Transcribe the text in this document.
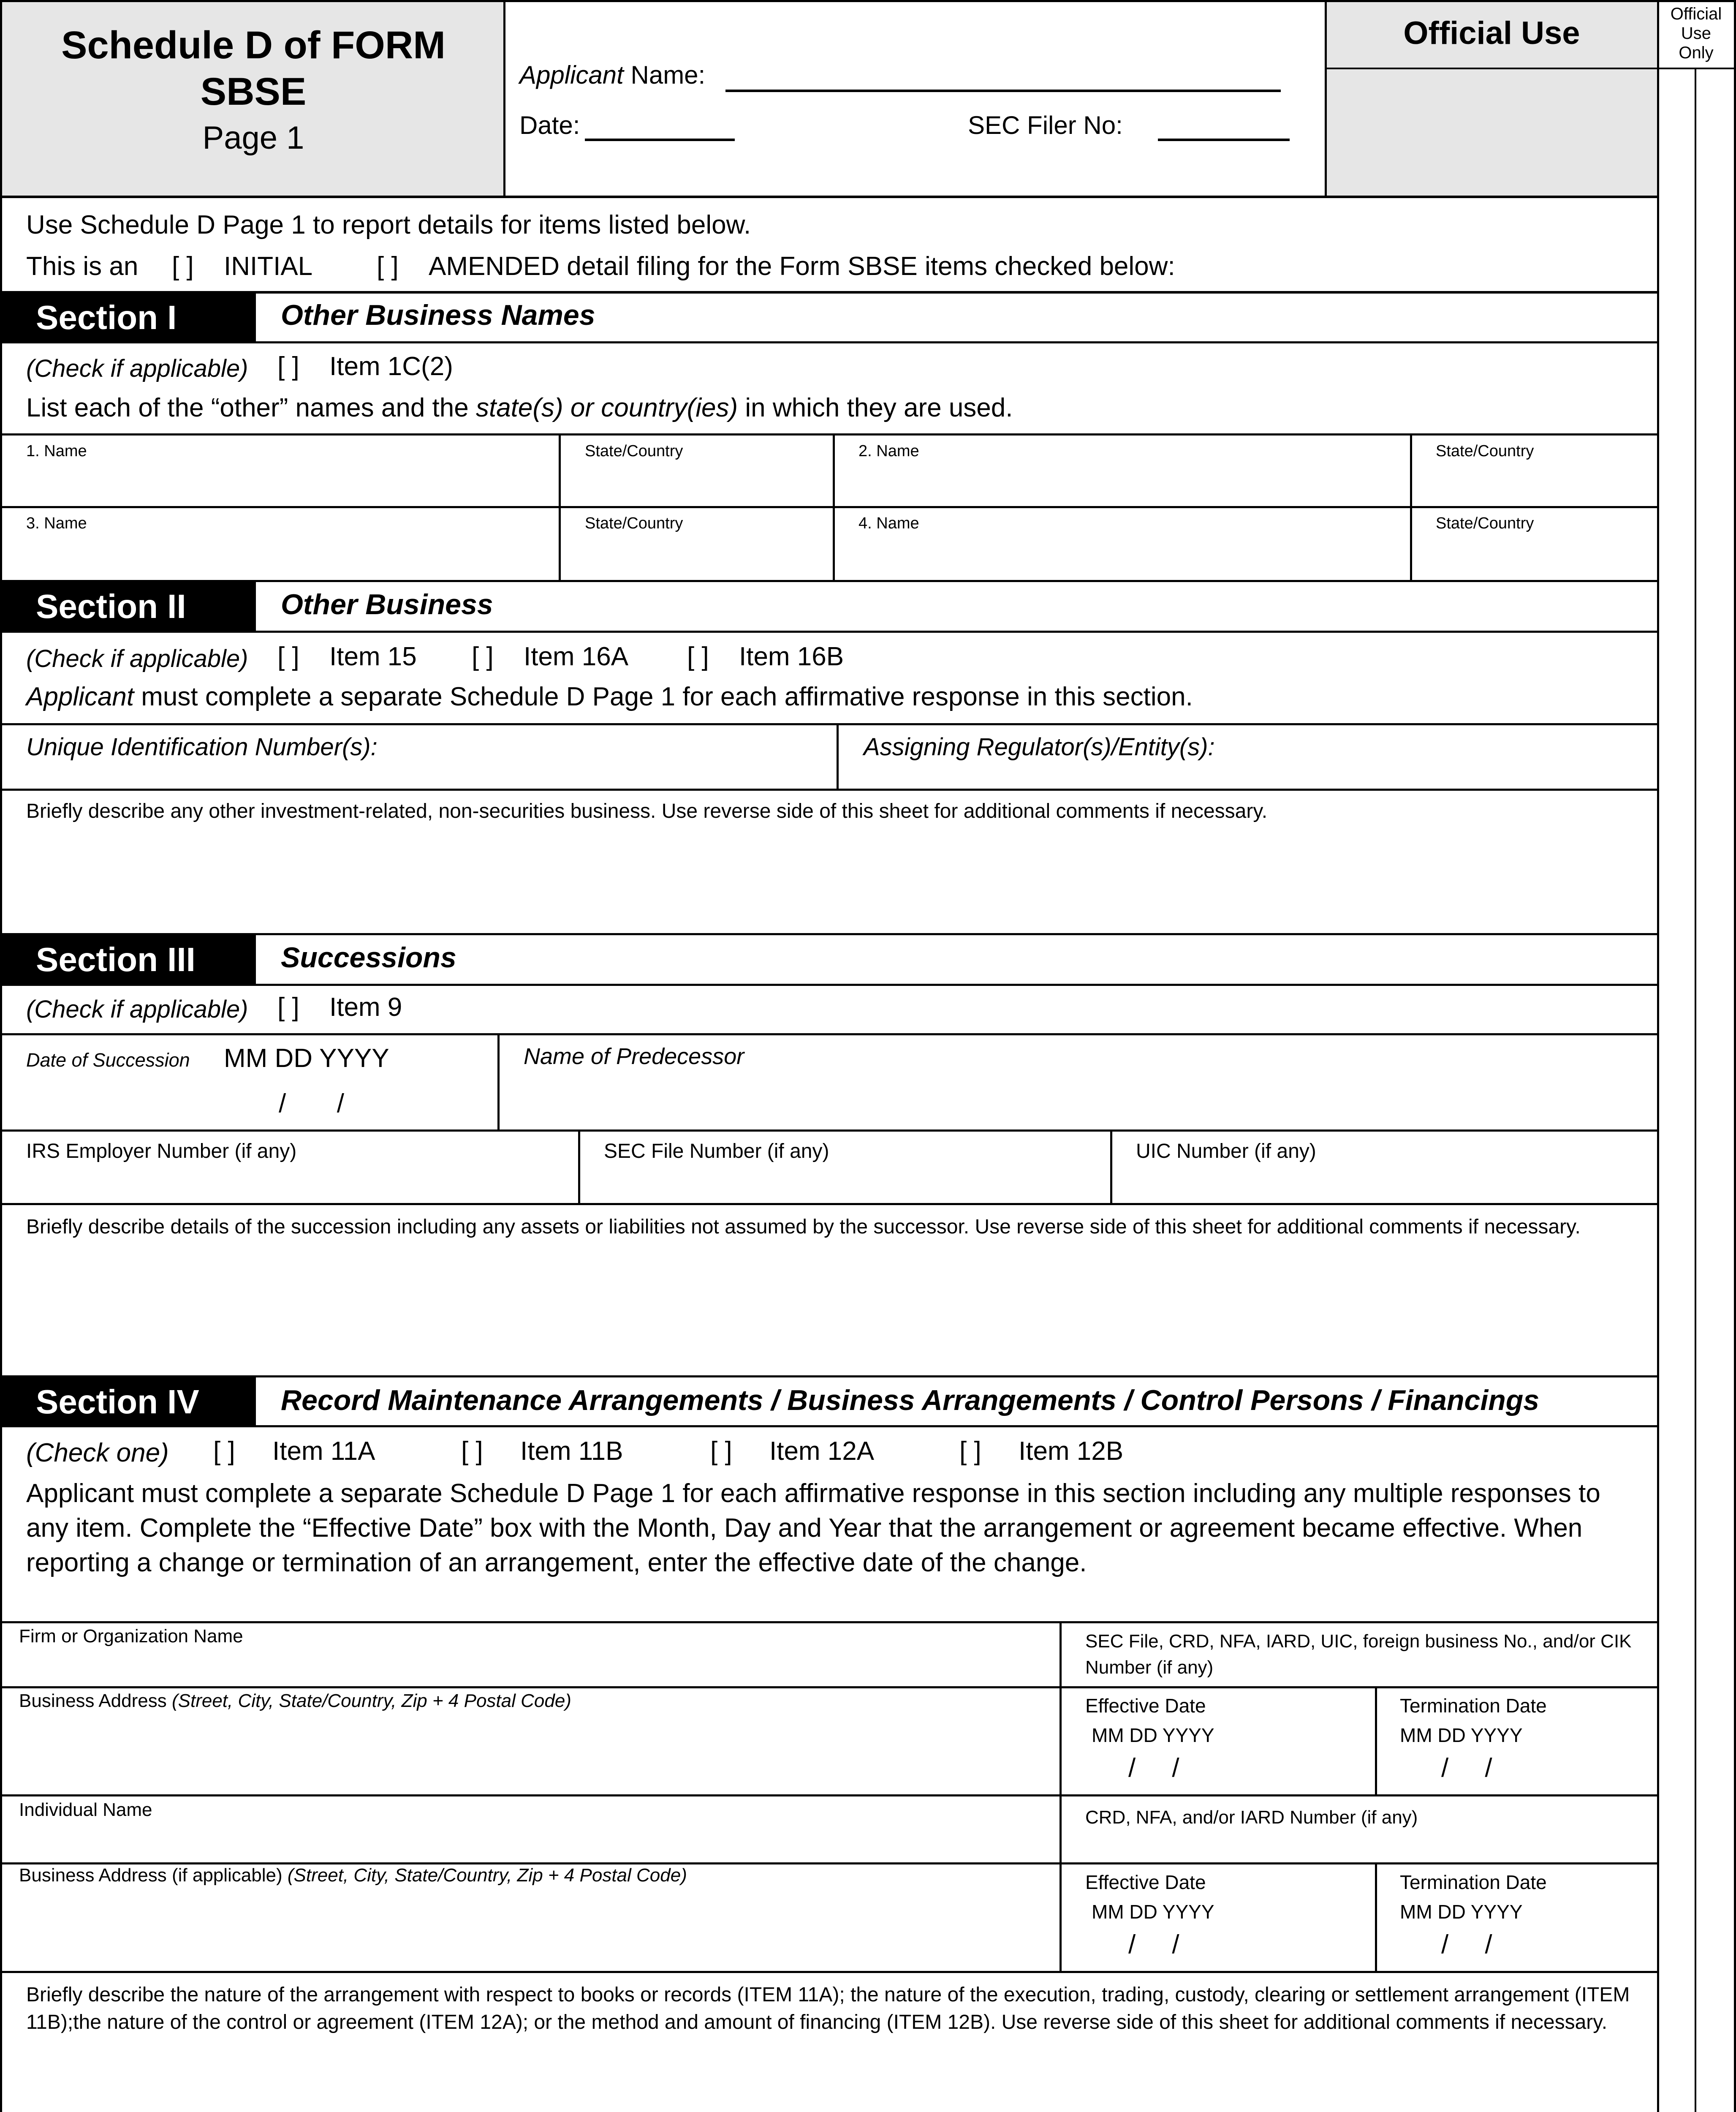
Schedule D of FORM
SBSE
Page 1
Applicant Name:
Date:	SEC Filer No:
Official Use
Official
Use
Only
Use Schedule D Page 1 to report details for items listed below.
This is an [ ] INITIAL [ ] AMENDED detail filing for the Form SBSE items checked below:
Section I	Other Business Names
(Check if applicable) [ ] Item 1C(2)
List each of the “other” names and the state(s) or country(ies) in which they are used.
1. Name	State/Country	2. Name	State/Country
3. Name	State/Country	4. Name	State/Country
Section II	Other Business
(Check if applicable) [ ] Item 15 [ ] Item 16A [ ] Item 16B
Applicant must complete a separate Schedule D Page 1 for each affirmative response in this section.
Unique Identification Number(s):	Assigning Regulator(s)/Entity(s):
Briefly describe any other investment-related, non-securities business. Use reverse side of this sheet for additional comments if necessary.
Section III	Successions
(Check if applicable) [ ] Item 9
Date of Succession MM DD YYYY
/       /
Name of Predecessor
IRS Employer Number (if any)	SEC File Number (if any)	UIC Number (if any)
Briefly describe details of the succession including any assets or liabilities not assumed by the successor. Use reverse side of this sheet for additional comments if necessary.
Section IV	Record Maintenance Arrangements / Business Arrangements / Control Persons / Financings
(Check one) [ ] Item 11A	[ ] Item 11B	[ ] Item 12A	[ ] Item 12B
Applicant must complete a separate Schedule D Page 1 for each affirmative response in this section including any multiple responses to any item. Complete the “Effective Date” box with the Month, Day and Year that the arrangement or agreement became effective. When reporting a change or termination of an arrangement, enter the effective date of the change.
Firm or Organization Name	SEC File, CRD, NFA, IARD, UIC, foreign business No., and/or CIK Number (if any)
Business Address (Street, City, State/Country, Zip + 4 Postal Code)	Effective Date
MM DD YYYY
/     /
Termination Date
MM DD YYYY
/     /
Individual Name	CRD, NFA, and/or IARD Number (if any)
Business Address (if applicable) (Street, City, State/Country, Zip + 4 Postal Code)	Effective Date
MM DD YYYY
/     /
Termination Date
MM DD YYYY
/     /
Briefly describe the nature of the arrangement with respect to books or records (ITEM 11A); the nature of the execution, trading, custody, clearing or settlement arrangement (ITEM 11B);the nature of the control or agreement (ITEM 12A); or the method and amount of financing (ITEM 12B). Use reverse side of this sheet for additional comments if necessary.
